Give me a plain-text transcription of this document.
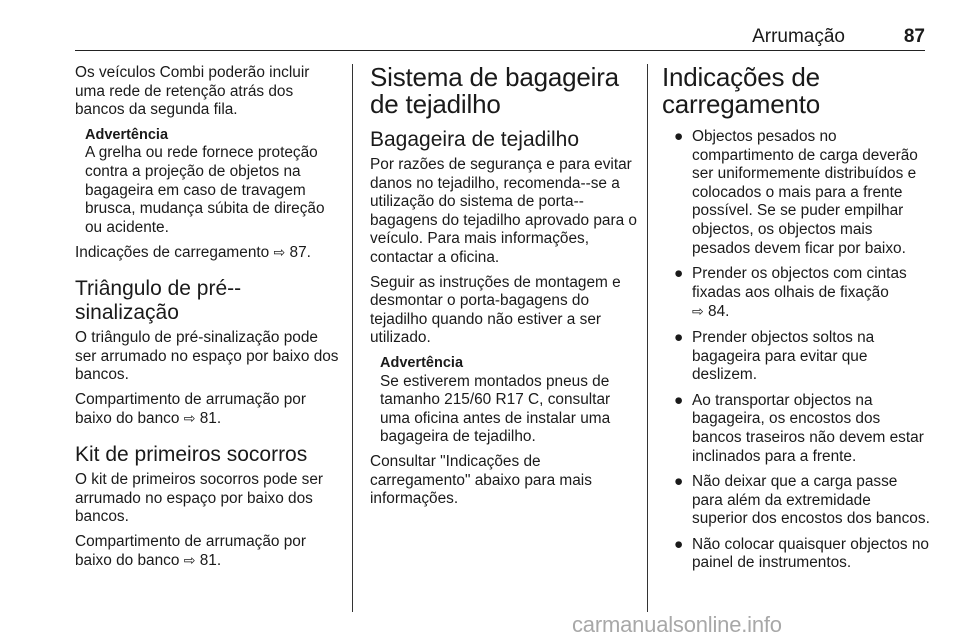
Arrumação	87

Os veículos Combi poderão incluir uma rede de retenção atrás dos bancos da segunda fila.

Advertência
A grelha ou rede fornece proteção contra a projeção de objetos na bagageira em caso de travagem brusca, mudança súbita de direção ou acidente.

Indicações de carregamento ⇨ 87.

Triângulo de pré--sinalização

O triângulo de pré-sinalização pode ser arrumado no espaço por baixo dos bancos.

Compartimento de arrumação por baixo do banco ⇨ 81.

Kit de primeiros socorros

O kit de primeiros socorros pode ser arrumado no espaço por baixo dos bancos.

Compartimento de arrumação por baixo do banco ⇨ 81.

Sistema de bagageira de tejadilho
Bagageira de tejadilho

Por razões de segurança e para evitar danos no tejadilho, recomenda--se a utilização do sistema de porta--bagagens do tejadilho aprovado para o veículo. Para mais informações, contactar a oficina.

Seguir as instruções de montagem e desmontar o porta-bagagens do tejadilho quando não estiver a ser utilizado.

Advertência
Se estiverem montados pneus de tamanho 215/60 R17 C, consultar uma oficina antes de instalar uma bagageira de tejadilho.

Consultar "Indicações de carregamento" abaixo para mais informações.

Indicações de carregamento
● Objectos pesados no compartimento de carga deverão ser uniformemente distribuídos e colocados o mais para a frente possível. Se se puder empilhar objectos, os objectos mais pesados devem ficar por baixo.
● Prender os objectos com cintas fixadas aos olhais de fixação
⇨ 84.
● Prender objectos soltos na bagageira para evitar que deslizem.
● Ao transportar objectos na bagageira, os encostos dos bancos traseiros não devem estar inclinados para a frente.
● Não deixar que a carga passe para além da extremidade superior dos encostos dos bancos.
● Não colocar quaisquer objectos no painel de instrumentos.
carmanualsonline.info
